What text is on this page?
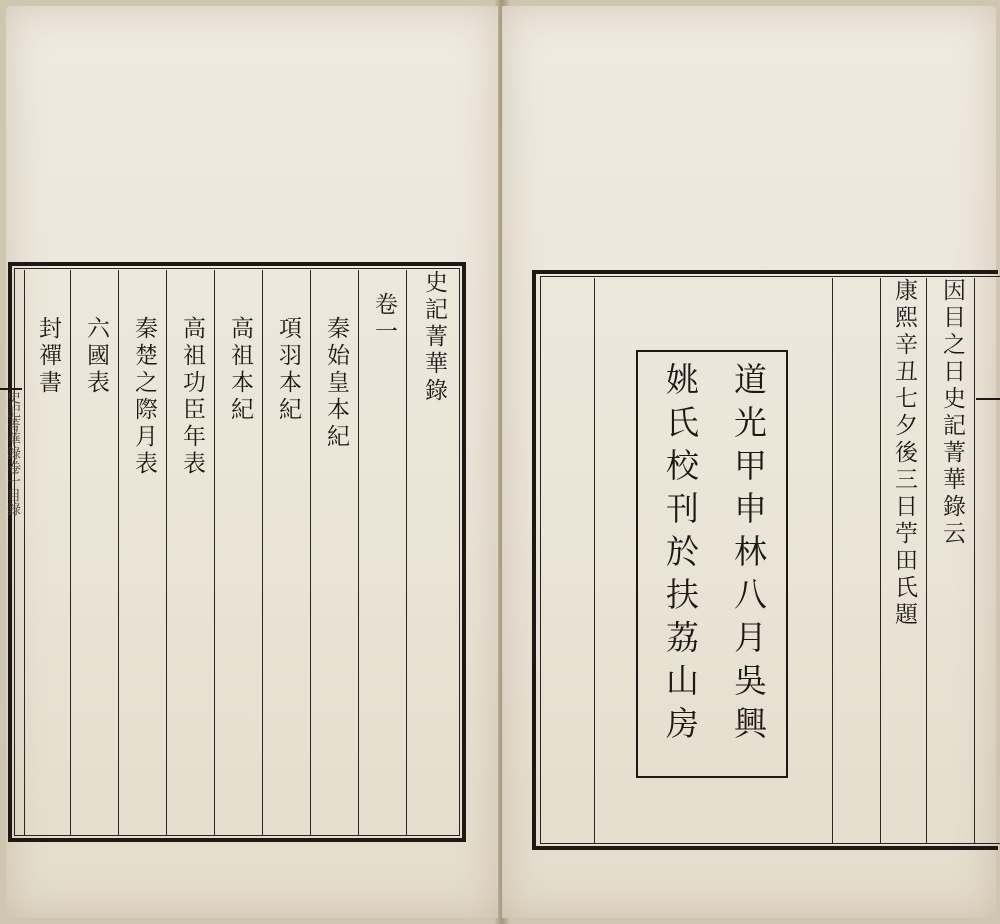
史記菁華錄
卷一
秦始皇本紀
項羽本紀
高祖本紀
高祖功臣年表
秦楚之際月表
六國表
封禪書
史記菁華錄卷一目錄	因目之日史記菁華錄云
康熙辛丑七夕後三日苧田氏題
道光甲申林八月吳興
姚氏校刊於扶荔山房
